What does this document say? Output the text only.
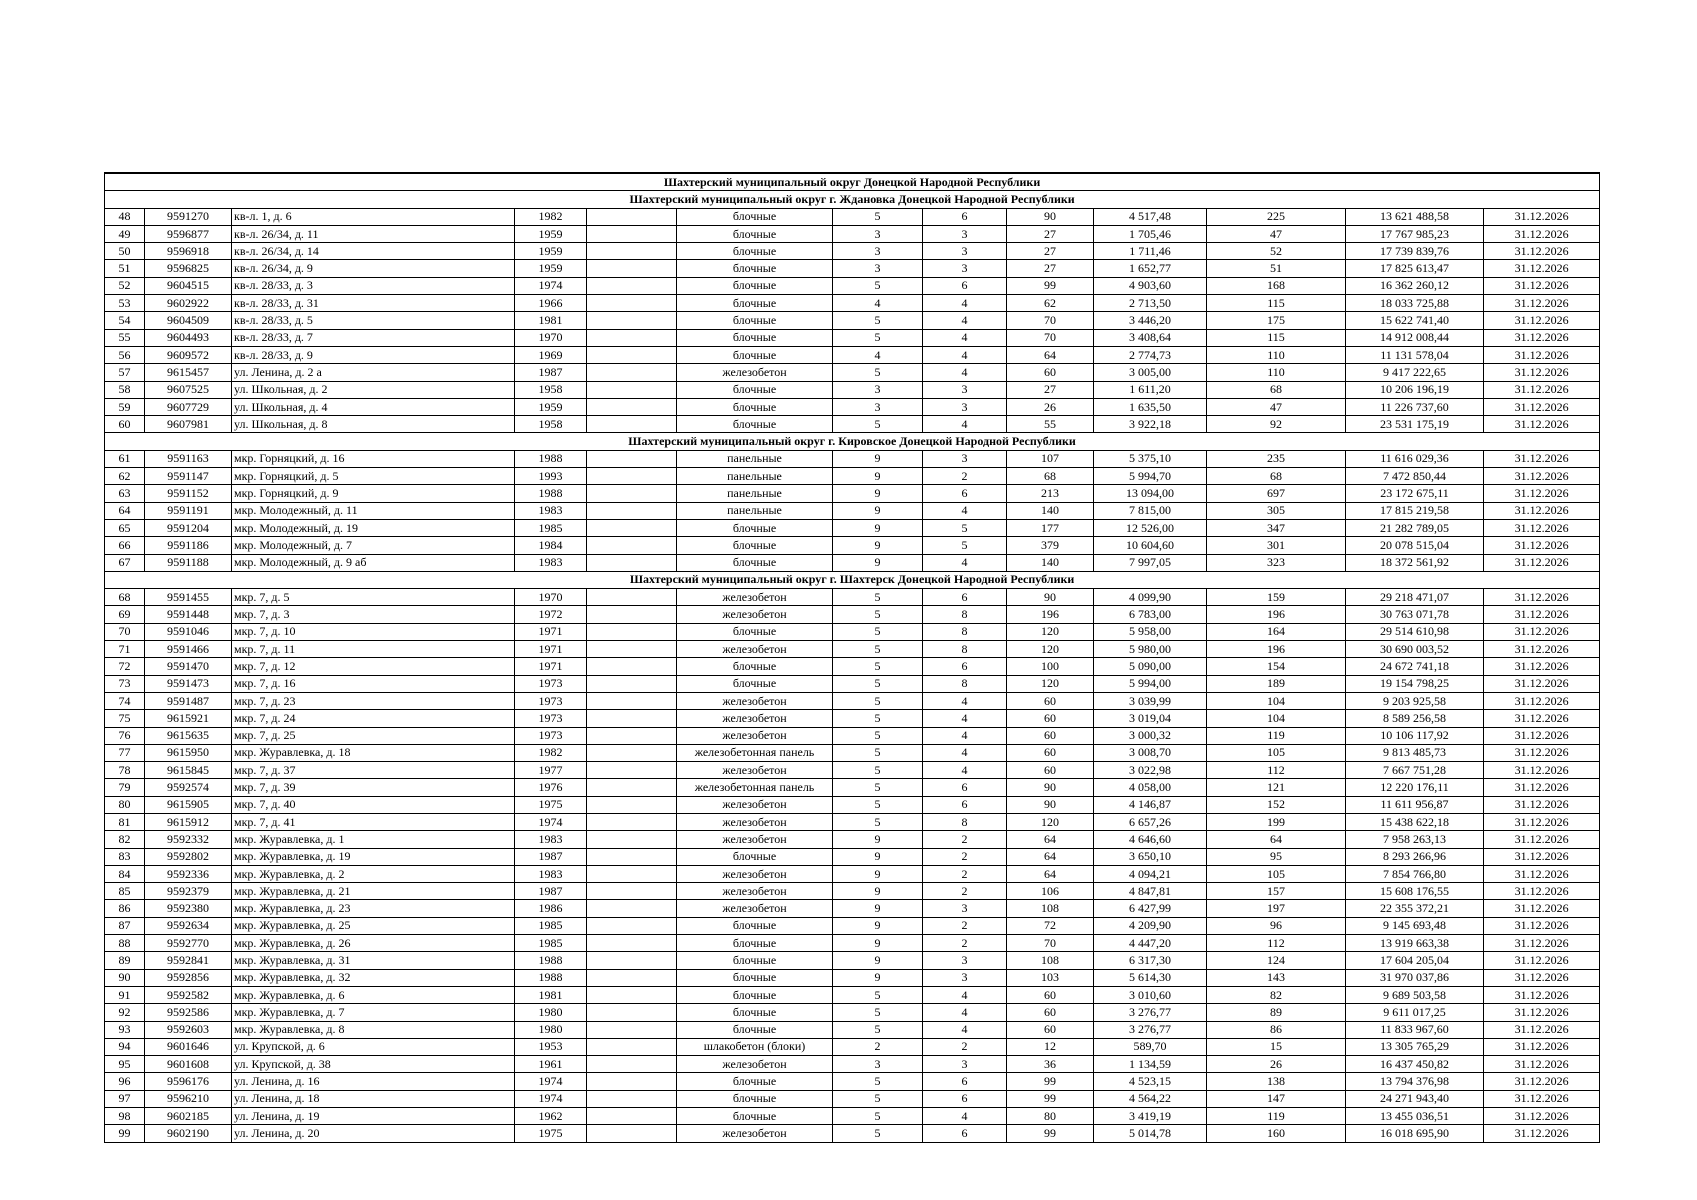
Шахтерский муниципальный округ Донецкой Народной Республики												
Шахтерский муниципальный округ г. Ждановка Донецкой Народной Республики												
48	9591270	кв-л. 1, д. 6	1982		блочные	5	6	90	4 517,48	225	13 621 488,58	31.12.2026
49	9596877	кв-л. 26/34, д. 11	1959		блочные	3	3	27	1 705,46	47	17 767 985,23	31.12.2026
50	9596918	кв-л. 26/34, д. 14	1959		блочные	3	3	27	1 711,46	52	17 739 839,76	31.12.2026
51	9596825	кв-л. 26/34, д. 9	1959		блочные	3	3	27	1 652,77	51	17 825 613,47	31.12.2026
52	9604515	кв-л. 28/33, д. 3	1974		блочные	5	6	99	4 903,60	168	16 362 260,12	31.12.2026
53	9602922	кв-л. 28/33, д. 31	1966		блочные	4	4	62	2 713,50	115	18 033 725,88	31.12.2026
54	9604509	кв-л. 28/33, д. 5	1981		блочные	5	4	70	3 446,20	175	15 622 741,40	31.12.2026
55	9604493	кв-л. 28/33, д. 7	1970		блочные	5	4	70	3 408,64	115	14 912 008,44	31.12.2026
56	9609572	кв-л. 28/33, д. 9	1969		блочные	4	4	64	2 774,73	110	11 131 578,04	31.12.2026
57	9615457	ул. Ленина, д. 2 а	1987		железобетон	5	4	60	3 005,00	110	9 417 222,65	31.12.2026
58	9607525	ул. Школьная, д. 2	1958		блочные	3	3	27	1 611,20	68	10 206 196,19	31.12.2026
59	9607729	ул. Школьная, д. 4	1959		блочные	3	3	26	1 635,50	47	11 226 737,60	31.12.2026
60	9607981	ул. Школьная, д. 8	1958		блочные	5	4	55	3 922,18	92	23 531 175,19	31.12.2026
Шахтерский муниципальный округ г. Кировское Донецкой Народной Республики												
61	9591163	мкр. Горняцкий, д. 16	1988		панельные	9	3	107	5 375,10	235	11 616 029,36	31.12.2026
62	9591147	мкр. Горняцкий, д. 5	1993		панельные	9	2	68	5 994,70	68	7 472 850,44	31.12.2026
63	9591152	мкр. Горняцкий, д. 9	1988		панельные	9	6	213	13 094,00	697	23 172 675,11	31.12.2026
64	9591191	мкр. Молодежный, д. 11	1983		панельные	9	4	140	7 815,00	305	17 815 219,58	31.12.2026
65	9591204	мкр. Молодежный, д. 19	1985		блочные	9	5	177	12 526,00	347	21 282 789,05	31.12.2026
66	9591186	мкр. Молодежный, д. 7	1984		блочные	9	5	379	10 604,60	301	20 078 515,04	31.12.2026
67	9591188	мкр. Молодежный, д. 9 аб	1983		блочные	9	4	140	7 997,05	323	18 372 561,92	31.12.2026
Шахтерский муниципальный округ г. Шахтерск Донецкой Народной Республики												
68	9591455	мкр. 7, д. 5	1970		железобетон	5	6	90	4 099,90	159	29 218 471,07	31.12.2026
69	9591448	мкр. 7, д. 3	1972		железобетон	5	8	196	6 783,00	196	30 763 071,78	31.12.2026
70	9591046	мкр. 7, д. 10	1971		блочные	5	8	120	5 958,00	164	29 514 610,98	31.12.2026
71	9591466	мкр. 7, д. 11	1971		железобетон	5	8	120	5 980,00	196	30 690 003,52	31.12.2026
72	9591470	мкр. 7, д. 12	1971		блочные	5	6	100	5 090,00	154	24 672 741,18	31.12.2026
73	9591473	мкр. 7, д. 16	1973		блочные	5	8	120	5 994,00	189	19 154 798,25	31.12.2026
74	9591487	мкр. 7, д. 23	1973		железобетон	5	4	60	3 039,99	104	9 203 925,58	31.12.2026
75	9615921	мкр. 7, д. 24	1973		железобетон	5	4	60	3 019,04	104	8 589 256,58	31.12.2026
76	9615635	мкр. 7, д. 25	1973		железобетон	5	4	60	3 000,32	119	10 106 117,92	31.12.2026
77	9615950	мкр. Журавлевка, д. 18	1982		железобетонная панель	5	4	60	3 008,70	105	9 813 485,73	31.12.2026
78	9615845	мкр. 7, д. 37	1977		железобетон	5	4	60	3 022,98	112	7 667 751,28	31.12.2026
79	9592574	мкр. 7, д. 39	1976		железобетонная панель	5	6	90	4 058,00	121	12 220 176,11	31.12.2026
80	9615905	мкр. 7, д. 40	1975		железобетон	5	6	90	4 146,87	152	11 611 956,87	31.12.2026
81	9615912	мкр. 7, д. 41	1974		железобетон	5	8	120	6 657,26	199	15 438 622,18	31.12.2026
82	9592332	мкр. Журавлевка, д. 1	1983		железобетон	9	2	64	4 646,60	64	7 958 263,13	31.12.2026
83	9592802	мкр. Журавлевка, д. 19	1987		блочные	9	2	64	3 650,10	95	8 293 266,96	31.12.2026
84	9592336	мкр. Журавлевка, д. 2	1983		железобетон	9	2	64	4 094,21	105	7 854 766,80	31.12.2026
85	9592379	мкр. Журавлевка, д. 21	1987		железобетон	9	2	106	4 847,81	157	15 608 176,55	31.12.2026
86	9592380	мкр. Журавлевка, д. 23	1986		железобетон	9	3	108	6 427,99	197	22 355 372,21	31.12.2026
87	9592634	мкр. Журавлевка, д. 25	1985		блочные	9	2	72	4 209,90	96	9 145 693,48	31.12.2026
88	9592770	мкр. Журавлевка, д. 26	1985		блочные	9	2	70	4 447,20	112	13 919 663,38	31.12.2026
89	9592841	мкр. Журавлевка, д. 31	1988		блочные	9	3	108	6 317,30	124	17 604 205,04	31.12.2026
90	9592856	мкр. Журавлевка, д. 32	1988		блочные	9	3	103	5 614,30	143	31 970 037,86	31.12.2026
91	9592582	мкр. Журавлевка, д. 6	1981		блочные	5	4	60	3 010,60	82	9 689 503,58	31.12.2026
92	9592586	мкр. Журавлевка, д. 7	1980		блочные	5	4	60	3 276,77	89	9 611 017,25	31.12.2026
93	9592603	мкр. Журавлевка, д. 8	1980		блочные	5	4	60	3 276,77	86	11 833 967,60	31.12.2026
94	9601646	ул. Крупской, д. 6	1953		шлакобетон (блоки)	2	2	12	589,70	15	13 305 765,29	31.12.2026
95	9601608	ул. Крупской, д. 38	1961		железобетон	3	3	36	1 134,59	26	16 437 450,82	31.12.2026
96	9596176	ул. Ленина, д. 16	1974		блочные	5	6	99	4 523,15	138	13 794 376,98	31.12.2026
97	9596210	ул. Ленина, д. 18	1974		блочные	5	6	99	4 564,22	147	24 271 943,40	31.12.2026
98	9602185	ул. Ленина, д. 19	1962		блочные	5	4	80	3 419,19	119	13 455 036,51	31.12.2026
99	9602190	ул. Ленина, д. 20	1975		железобетон	5	6	99	5 014,78	160	16 018 695,90	31.12.2026
